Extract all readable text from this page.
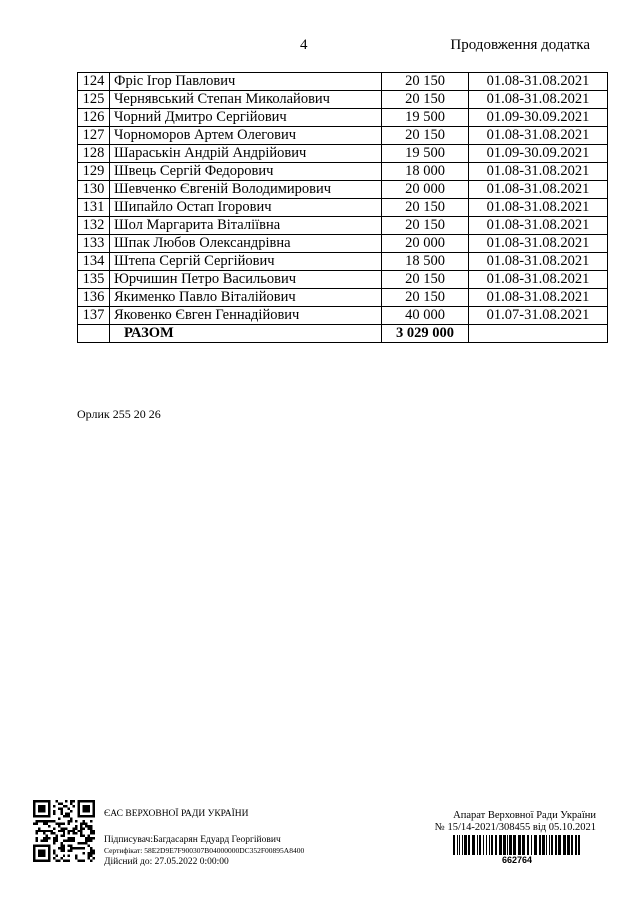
4	Продовження додатка
124	Фріс Ігор Павлович	20 150	01.08-31.08.2021
125	Чернявський Степан Миколайович	20 150	01.08-31.08.2021
126	Чорний Дмитро Сергійович	19 500	01.09-30.09.2021
127	Чорноморов Артем Олегович	20 150	01.08-31.08.2021
128	Шараськін Андрій Андрійович	19 500	01.09-30.09.2021
129	Швець Сергій Федорович	18 000	01.08-31.08.2021
130	Шевченко Євгеній Володимирович	20 000	01.08-31.08.2021
131	Шипайло Остап Ігорович	20 150	01.08-31.08.2021
132	Шол Маргарита Віталіївна	20 150	01.08-31.08.2021
133	Шпак Любов Олександрівна	20 000	01.08-31.08.2021
134	Штепа Сергій Сергійович	18 500	01.08-31.08.2021
135	Юрчишин Петро Васильович	20 150	01.08-31.08.2021
136	Якименко Павло Віталійович	20 150	01.08-31.08.2021
137	Яковенко Євген Геннадійович	40 000	01.07-31.08.2021
	РАЗОМ	3 029 000	
Орлик 255 20 26
ЄАС ВЕРХОВНОЇ РАДИ УКРАЇНИ
Підписувач:Багдасарян Едуард Георгійович
Сертифікат: 58E2D9E7F900307B04000000DC352F00895A8400
Дійсний до: 27.05.2022 0:00:00
Апарат Верховної Ради України
№ 15/14-2021/308455 від 05.10.2021
662764
